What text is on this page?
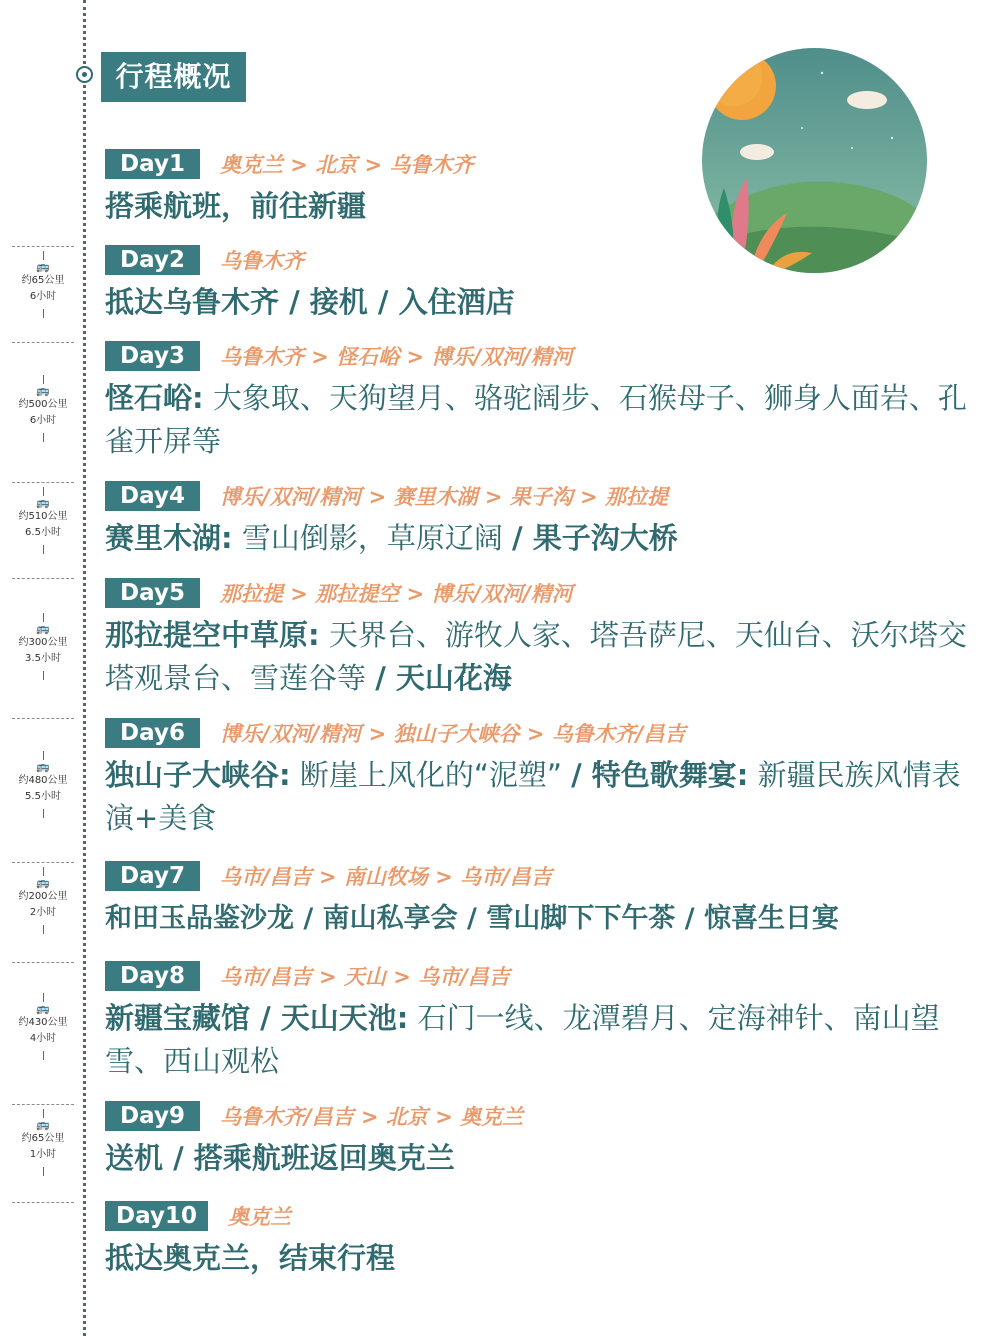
行程概况
🚌
约65公里
6小时
🚌
约500公里
6小时
🚌
约510公里
6.5小时
🚌
约300公里
3.5小时
🚌
约480公里
5.5小时
🚌
约200公里
2小时
🚌
约430公里
4小时
🚌
约65公里
1小时
Day1	奥克兰 > 北京 > 乌鲁木齐
搭乘航班，前往新疆
Day2	乌鲁木齐
抵达乌鲁木齐 / 接机 / 入住酒店
Day3	乌鲁木齐 > 怪石峪 > 博乐/双河/精河
怪石峪: 大象取、天狗望月、骆驼阔步、石猴母子、狮身人面岩、孔雀开屏等
Day4	博乐/双河/精河 > 赛里木湖 > 果子沟 > 那拉提
赛里木湖: 雪山倒影，草原辽阔 / 果子沟大桥
Day5	那拉提 > 那拉提空 > 博乐/双河/精河
那拉提空中草原: 天界台、游牧人家、塔吾萨尼、天仙台、沃尔塔交塔观景台、雪莲谷等 / 天山花海
Day6	博乐/双河/精河 > 独山子大峡谷 > 乌鲁木齐/昌吉
独山子大峡谷: 断崖上风化的“泥塑” / 特色歌舞宴: 新疆民族风情表演+美食
Day7	乌市/昌吉 > 南山牧场 > 乌市/昌吉
和田玉品鉴沙龙 / 南山私享会 / 雪山脚下下午茶 / 惊喜生日宴
Day8	乌市/昌吉 > 天山 > 乌市/昌吉
新疆宝藏馆 / 天山天池: 石门一线、龙潭碧月、定海神针、南山望雪、西山观松
Day9	乌鲁木齐/昌吉 > 北京 > 奥克兰
送机 / 搭乘航班返回奥克兰
Day10	奥克兰
抵达奥克兰，结束行程
